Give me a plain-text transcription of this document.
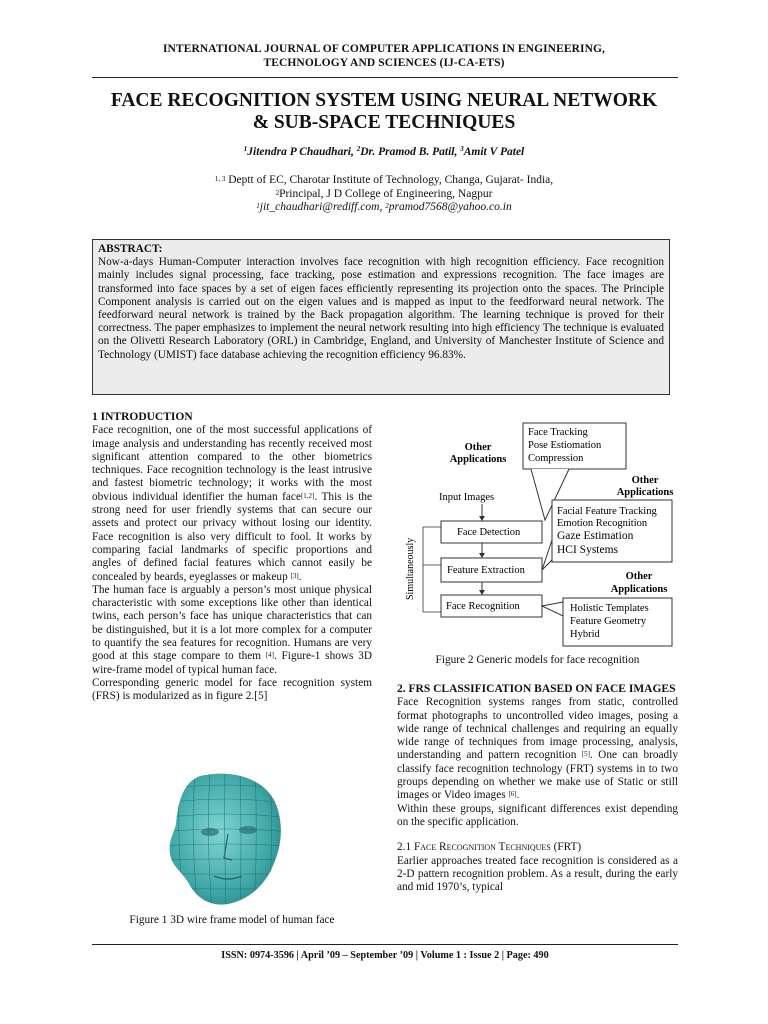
INTERNATIONAL JOURNAL OF COMPUTER APPLICATIONS IN ENGINEERING,
TECHNOLOGY AND SCIENCES (IJ-CA-ETS)
FACE RECOGNITION SYSTEM USING NEURAL NETWORK
& SUB-SPACE TECHNIQUES
$^1$Jitendra P Chaudhari, $^2$Dr. Pramod B. Patil, $^3$Amit V Patel
$^{1, 3}$ Deptt of EC, Charotar Institute of Technology, Changa, Gujarat- India,
$^2$Principal, J D College of Engineering, Nagpur
$^1$jit_chaudhari@rediff.com, $^2$pramod7568@yahoo.co.in
ABSTRACT:
Now-a-days Human-Computer interaction involves face recognition with high recognition efficiency. Face recognition mainly includes signal processing, face tracking, pose estimation and expressions recognition. The face images are transformed into face spaces by a set of eigen faces efficiently representing its projection onto the spaces. The Principle Component analysis is carried out on the eigen values and is mapped as input to the feedforward neural network. The feedforward neural network is trained by the Back propagation algorithm. The learning technique is proved for their correctness. The paper emphasizes to implement the neural network resulting into high efficiency The technique is evaluated on the Olivetti Research Laboratory (ORL) in Cambridge, England, and University of Manchester Institute of Science and Technology (UMIST) face database achieving the recognition efficiency 96.83%.
1 INTRODUCTION
Face recognition, one of the most successful applications of image analysis and understanding has recently received most significant attention compared to the other biometrics techniques. Face recognition technology is the least intrusive and fastest biometric technology; it works with the most obvious individual identifier the human face[1,2]. This is the strong need for user friendly systems that can secure our assets and protect our privacy without losing our identity. Face recognition is also very difficult to fool. It works by comparing facial landmarks of specific proportions and angles of defined facial features which cannot easily be concealed by beards, eyeglasses or makeup [3].
The human face is arguably a person’s most unique physical characteristic with some exceptions like other than identical twins, each person’s face has unique characteristics that can be distinguished, but it is a lot more complex for a computer to quantify the sea features for recognition. Humans are very good at this stage compare to them [4]. Figure-1 shows 3D wire-frame model of typical human face.
Corresponding generic model for face recognition system (FRS) is modularized as in figure 2.[5]
Figure 1 3D wire frame model of human face
Face Tracking
Pose Estiomation
Compression
Other
Applications
Other
Applications
Input Images
Simultaneously
Face Detection
Feature Extraction
Face Recognition
Facial Feature Tracking
Emotion Recognition
Gaze Estimation
HCI Systems
Other
Applications
Holistic Templates
Feature Geometry
Hybrid
Figure 2 Generic models for face recognition
2. FRS CLASSIFICATION BASED ON FACE IMAGES
Face Recognition systems ranges from static, controlled format photographs to uncontrolled video images, posing a wide range of technical challenges and requiring an equally wide range of techniques from image processing, analysis, understanding and pattern recognition [5]. One can broadly classify face recognition technology (FRT) systems in to two groups depending on whether we make use of Static or still images or Video images [6].
Within these groups, significant differences exist depending on the specific application.
2.1 Face Recognition Techniques (FRT)
Earlier approaches treated face recognition is considered as a 2-D pattern recognition problem. As a result, during the early and mid 1970’s, typical
ISSN: 0974-3596 | April ’09 – September ’09 | Volume 1 : Issue 2 | Page: 490
